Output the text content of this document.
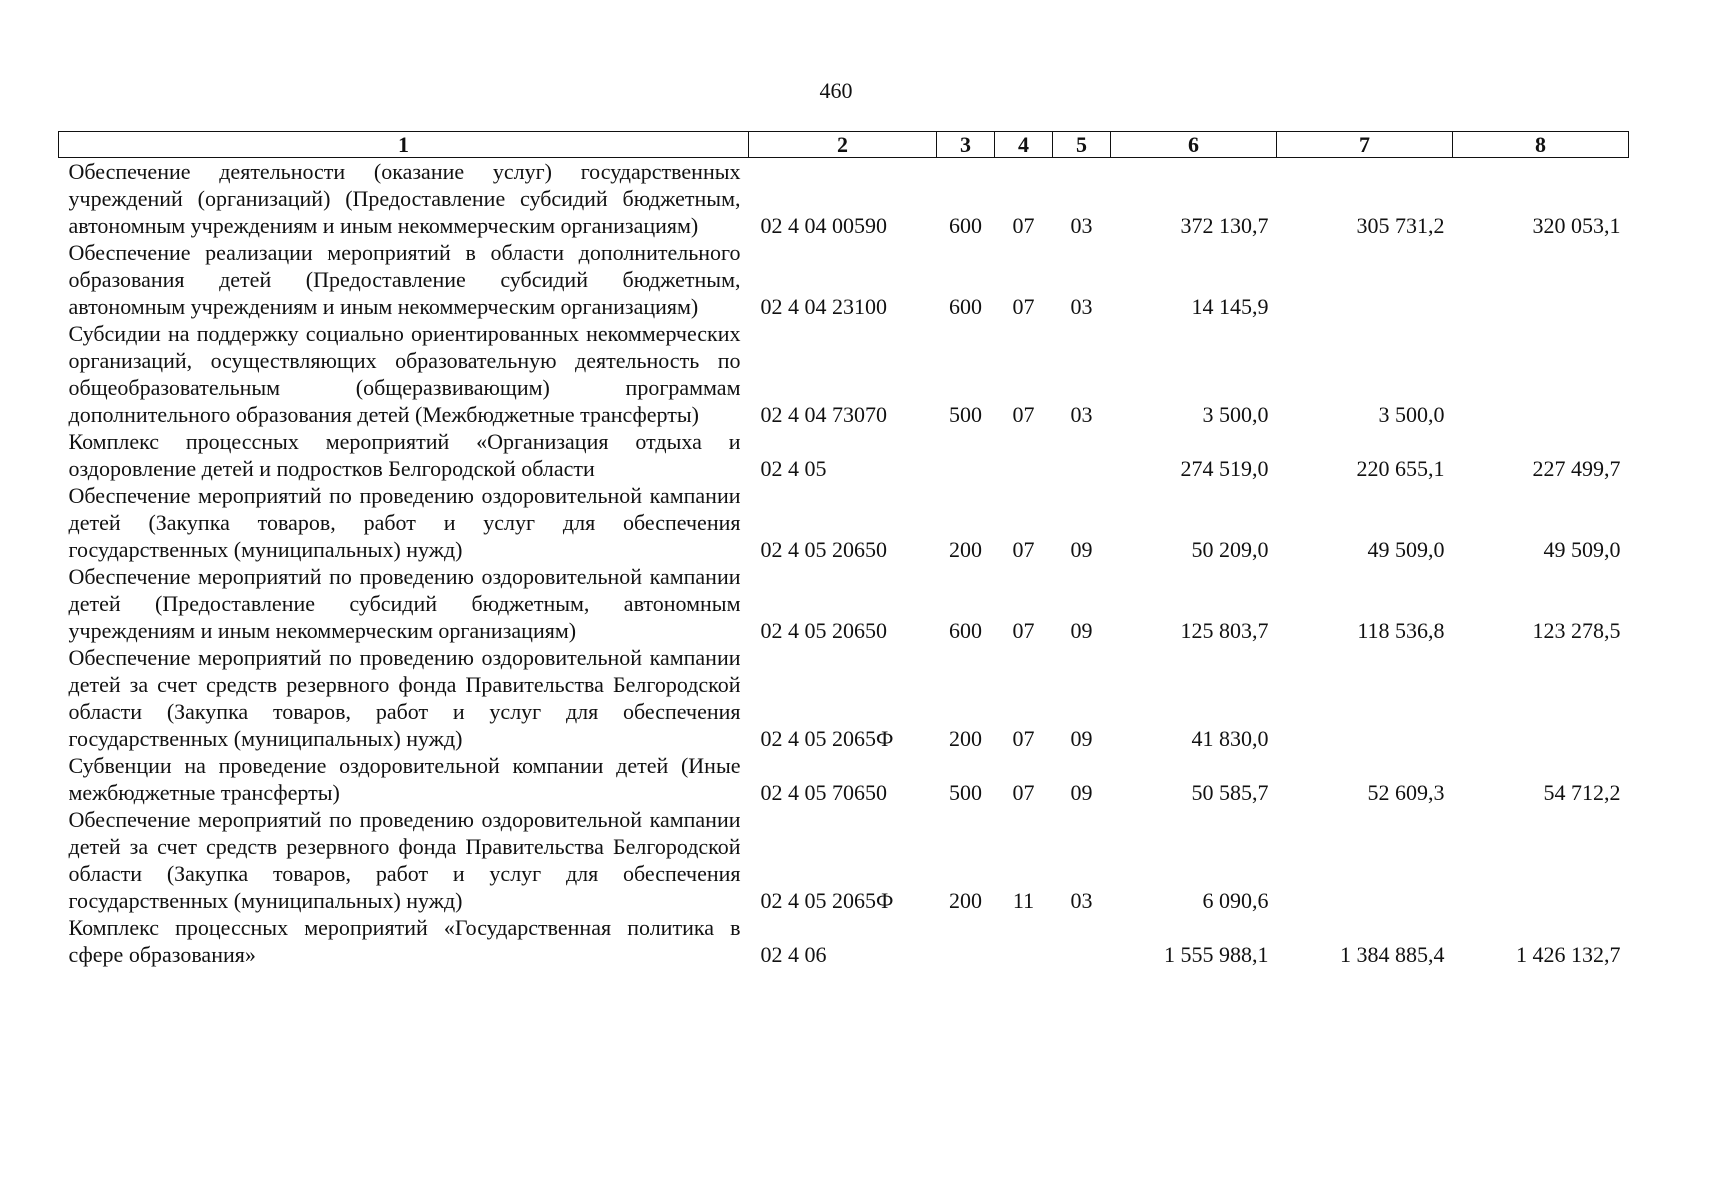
460
1	2	3	4	5	6	7	8
Обеспечение деятельности (оказание услуг) государственных учреждений (организаций) (Предоставление субсидий бюджетным, автономным учреждениям и иным некоммерческим организациям)	02 4 04 00590	600	07	03	372 130,7	305 731,2	320 053,1
Обеспечение реализации мероприятий в области дополнительного образования детей (Предоставление субсидий бюджетным, автономным учреждениям и иным некоммерческим организациям)	02 4 04 23100	600	07	03	14 145,9		
Субсидии на поддержку социально ориентированных некоммерческих организаций, осуществляющих образовательную деятельность по общеобразовательным (общеразвивающим) программам дополнительного образования детей (Межбюджетные трансферты)	02 4 04 73070	500	07	03	3 500,0	3 500,0	
Комплекс процессных мероприятий «Организация отдыха и оздоровление детей и подростков Белгородской области	02 4 05				274 519,0	220 655,1	227 499,7
Обеспечение мероприятий по проведению оздоровительной кампании детей (Закупка товаров, работ и услуг для обеспечения государственных (муниципальных) нужд)	02 4 05 20650	200	07	09	50 209,0	49 509,0	49 509,0
Обеспечение мероприятий по проведению оздоровительной кампании детей (Предоставление субсидий бюджетным, автономным учреждениям и иным некоммерческим организациям)	02 4 05 20650	600	07	09	125 803,7	118 536,8	123 278,5
Обеспечение мероприятий по проведению оздоровительной кампании детей за счет средств резервного фонда Правительства Белгородской области (Закупка товаров, работ и услуг для обеспечения государственных (муниципальных) нужд)	02 4 05 2065Ф	200	07	09	41 830,0		
Субвенции на проведение оздоровительной компании детей (Иные межбюджетные трансферты)	02 4 05 70650	500	07	09	50 585,7	52 609,3	54 712,2
Обеспечение мероприятий по проведению оздоровительной кампании детей за счет средств резервного фонда Правительства Белгородской области (Закупка товаров, работ и услуг для обеспечения государственных (муниципальных) нужд)	02 4 05 2065Ф	200	11	03	6 090,6		
Комплекс процессных мероприятий «Государственная политика в сфере образования»	02 4 06				1 555 988,1	1 384 885,4	1 426 132,7
